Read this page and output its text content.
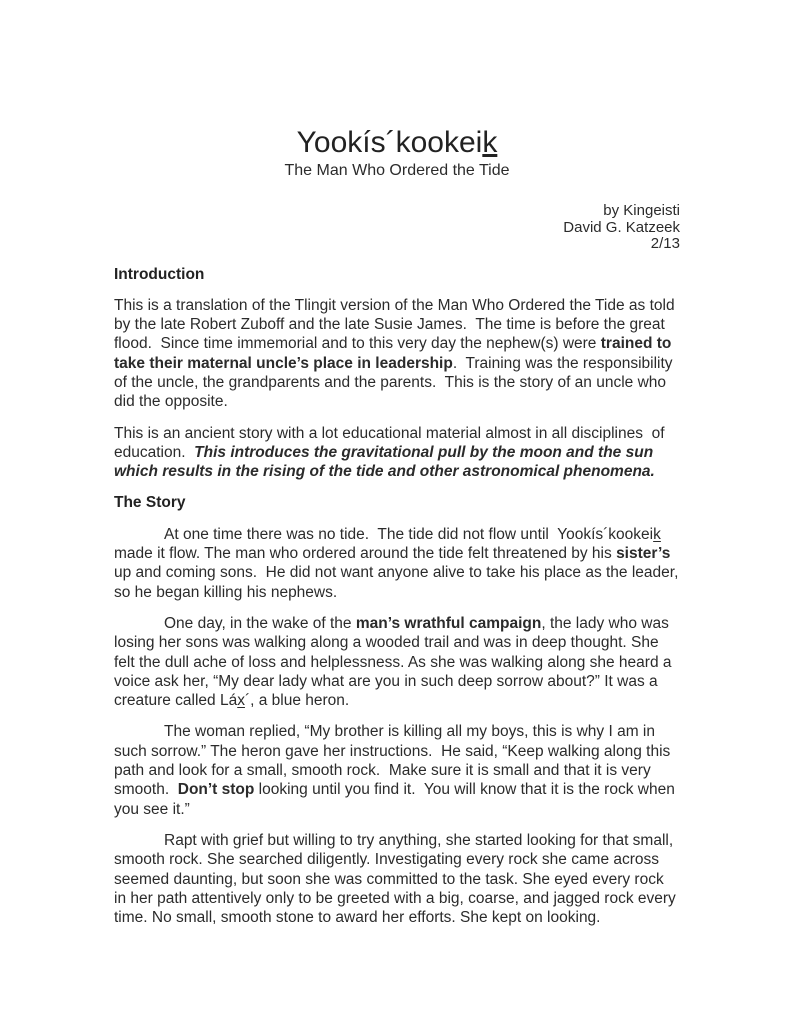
Yookís´kookeik
The Man Who Ordered the Tide
by Kingeisti
David G. Katzeek
2/13
Introduction

This is a translation of the Tlingit version of the Man Who Ordered the Tide as told by the late Robert Zuboff and the late Susie James.  The time is before the great flood.  Since time immemorial and to this very day the nephew(s) were trained to take their maternal uncle’s place in leadership.  Training was the responsibility of the uncle, the grandparents and the parents.  This is the story of an uncle who did the opposite.

This is an ancient story with a lot educational material almost in all disciplines  of education.  This introduces the gravitational pull by the moon and the sun which results in the rising of the tide and other astronomical phenomena.

The Story

At one time there was no tide.  The tide did not flow until  Yookís´kookeik made it flow. The man who ordered around the tide felt threatened by his sister’s up and coming sons.  He did not want anyone alive to take his place as the leader, so he began killing his nephews.

One day, in the wake of the man’s wrathful campaign, the lady who was losing her sons was walking along a wooded trail and was in deep thought. She felt the dull ache of loss and helplessness. As she was walking along she heard a voice ask her, “My dear lady what are you in such deep sorrow about?” It was a creature called Láx´, a blue heron.

The woman replied, “My brother is killing all my boys, this is why I am in such sorrow.” The heron gave her instructions.  He said, “Keep walking along this path and look for a small, smooth rock.  Make sure it is small and that it is very smooth.  Don’t stop looking until you find it.  You will know that it is the rock when you see it.”

Rapt with grief but willing to try anything, she started looking for that small, smooth rock. She searched diligently. Investigating every rock she came across seemed daunting, but soon she was committed to the task. She eyed every rock in her path attentively only to be greeted with a big, coarse, and jagged rock every time. No small, smooth stone to award her efforts. She kept on looking.
